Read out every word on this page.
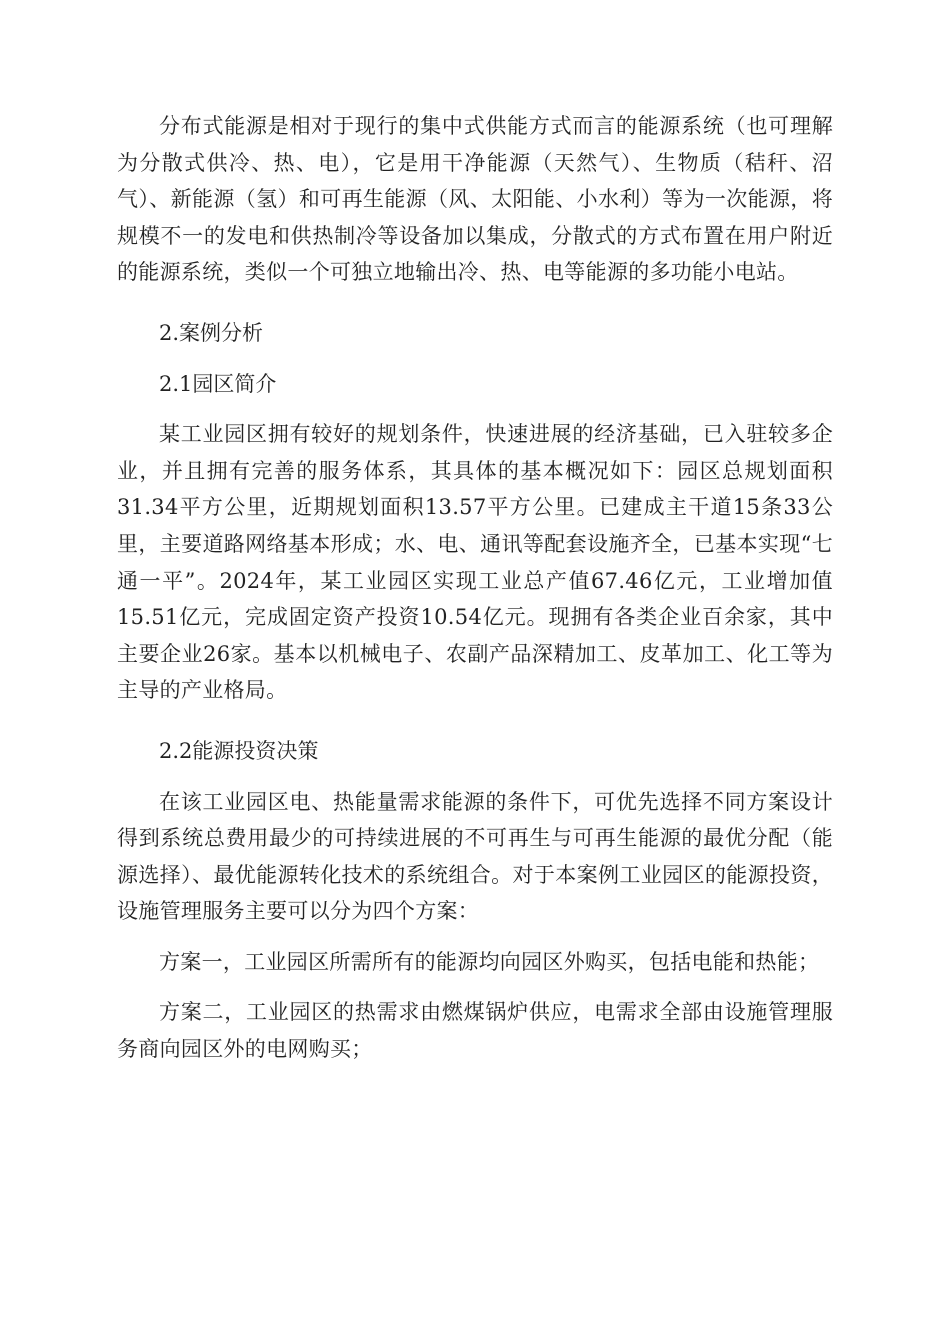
分布式能源是相对于现行的集中式供能方式而言的能源系统（也可理解为分散式供冷、热、电），它是用干净能源（天然气）、生物质（秸秆、沼气）、新能源（氢）和可再生能源（风、太阳能、小水利）等为一次能源，将规模不一的发电和供热制冷等设备加以集成，分散式的方式布置在用户附近的能源系统，类似一个可独立地输出冷、热、电等能源的多功能小电站。

2.案例分析

2.1园区简介

某工业园区拥有较好的规划条件，快速进展的经济基础，已入驻较多企业，并且拥有完善的服务体系，其具体的基本概况如下：园区总规划面积31.34平方公里，近期规划面积13.57平方公里。已建成主干道15条33公里，主要道路网络基本形成；水、电、通讯等配套设施齐全，已基本实现“七通一平”。2024年，某工业园区实现工业总产值67.46亿元，工业增加值15.51亿元，完成固定资产投资10.54亿元。现拥有各类企业百余家，其中主要企业26家。基本以机械电子、农副产品深精加工、皮革加工、化工等为主导的产业格局。

2.2能源投资决策

在该工业园区电、热能量需求能源的条件下，可优先选择不同方案设计得到系统总费用最少的可持续进展的不可再生与可再生能源的最优分配（能源选择）、最优能源转化技术的系统组合。对于本案例工业园区的能源投资，设施管理服务主要可以分为四个方案：

方案一，工业园区所需所有的能源均向园区外购买，包括电能和热能；

方案二，工业园区的热需求由燃煤锅炉供应，电需求全部由设施管理服务商向园区外的电网购买；
